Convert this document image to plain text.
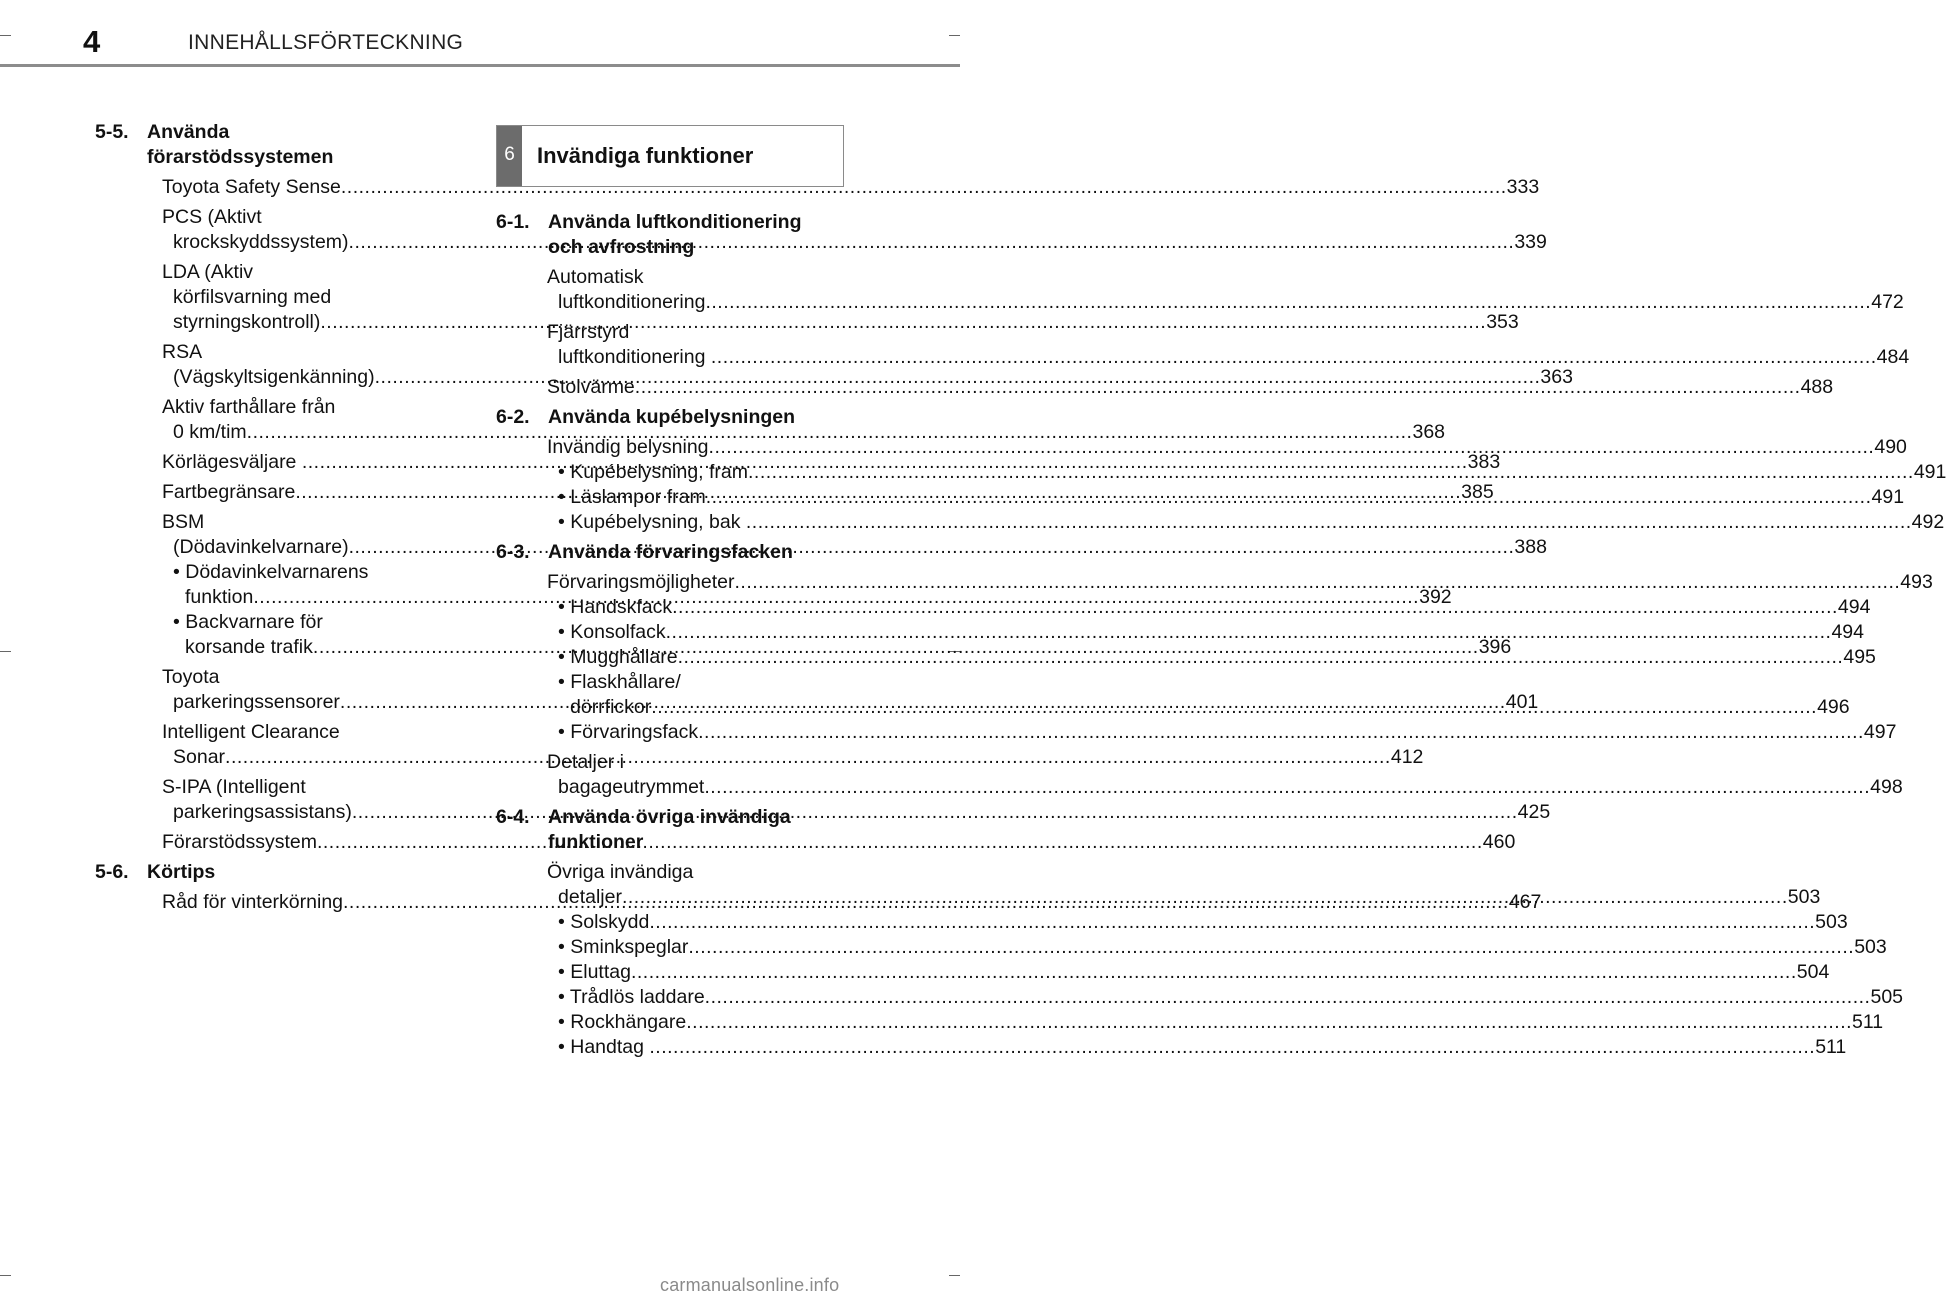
4	INNEHÅLLSFÖRTECKNING
5-5. Använda
förarstödssystemen
Toyota Safety Sense .....	333
PCS (Aktivt
krockskyddssystem) .....	339
LDA (Aktiv
körfilsvarning med
styrningskontroll) .....	353
RSA
(Vägskyltsigenkänning) .....	363
Aktiv farthållare från
0 km/tim .....	368
Körlägesväljare .....	383
Fartbegränsare .....	385
BSM
(Dödavinkelvarnare) .....	388
• Dödavinkelvarnarens
funktion .....	392
• Backvarnare för
korsande trafik .....	396
Toyota
parkeringssensorer .....	401
Intelligent Clearance
Sonar .....	412
S-IPA (Intelligent
parkeringsassistans) .....	425
Förarstödssystem .....	460
5-6. Körtips
Råd för vinterkörning .....	467
6	Invändiga funktioner
6-1. Använda luftkonditionering
och avfrostning
Automatisk
luftkonditionering .....	472
Fjärrstyrd
luftkonditionering .....	484
Stolvärme .....	488
6-2. Använda kupébelysningen
Invändig belysning .....	490
• Kupébelysning, fram .....	491
• Läslampor fram .....	491
• Kupébelysning, bak .....	492
6-3. Använda förvaringsfacken
Förvaringsmöjligheter .....	493
• Handskfack .....	494
• Konsolfack .....	494
• Mugghållare .....	495
• Flaskhållare/
dörrfickor .....	496
• Förvaringsfack .....	497
Detaljer i
bagageutrymmet .....	498
6-4. Använda övriga invändiga
funktioner
Övriga invändiga
detaljer .....	503
• Solskydd .....	503
• Sminkspeglar .....	503
• Eluttag .....	504
• Trådlös laddare .....	505
• Rockhängare .....	511
• Handtag .....	511
carmanualsonline.info
